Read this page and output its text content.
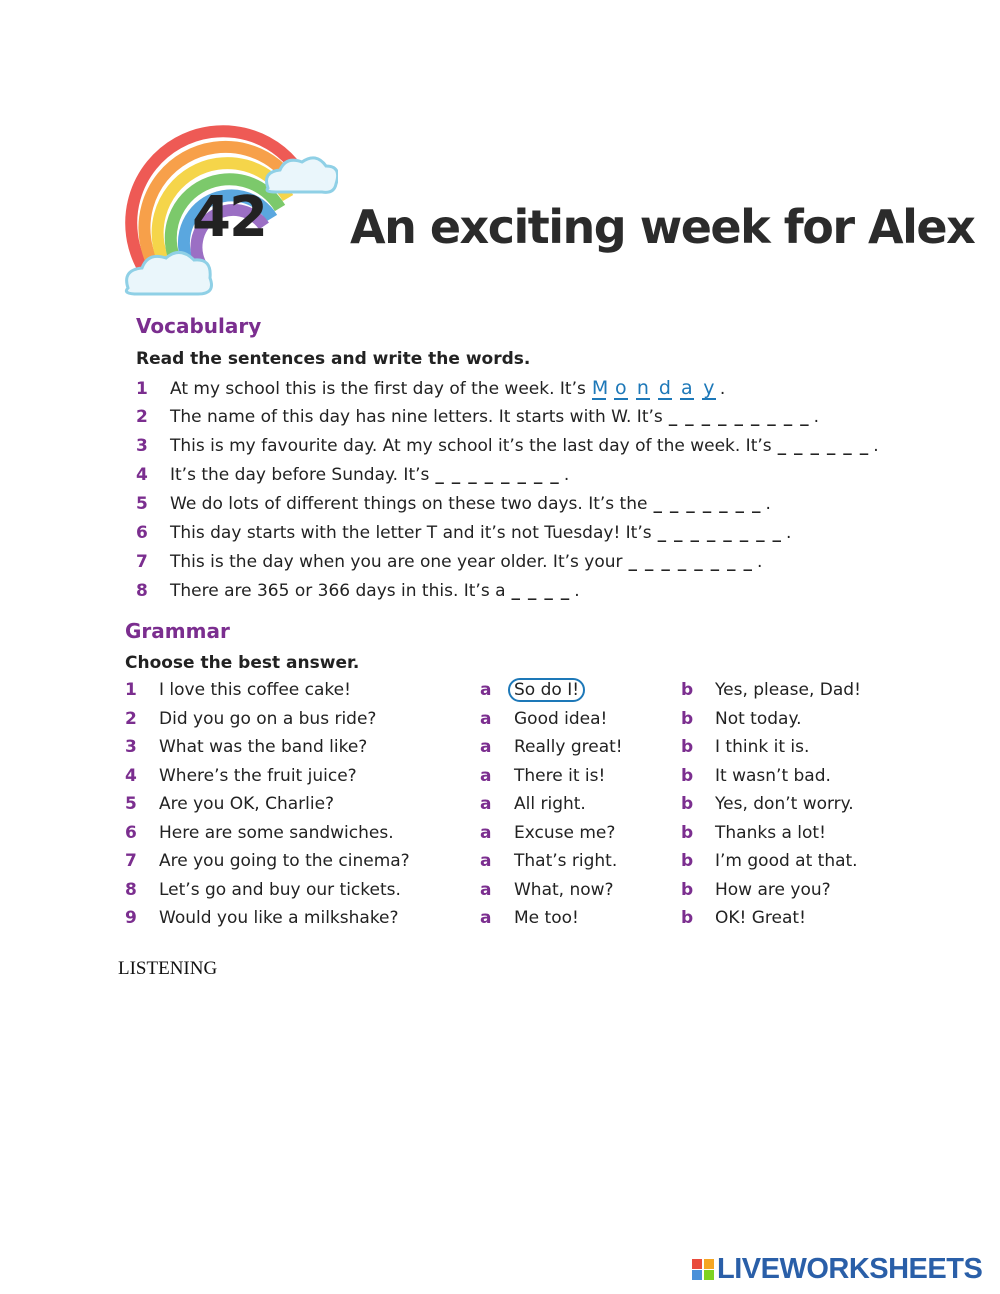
42 An exciting week for Alex
Vocabulary
Read the sentences and write the words.
1	At my school this is the first day of the week. It’s M o n d a y .
2	The name of this day has nine letters. It starts with W. It’s _ _ _ _ _ _ _ _ _ .
3	This is my favourite day. At my school it’s the last day of the week. It’s _ _ _ _ _ _ .
4	It’s the day before Sunday. It’s _ _ _ _ _ _ _ _ .
5	We do lots of different things on these two days. It’s the _ _ _ _ _ _ _ .
6	This day starts with the letter T and it’s not Tuesday! It’s _ _ _ _ _ _ _ _ .
7	This is the day when you are one year older. It’s your _ _ _ _ _ _ _ _ .
8	There are 365 or 366 days in this. It’s a _ _ _ _ .
Grammar
Choose the best answer.
1 I love this coffee cake!	a So do I!	b Yes, please, Dad!
2 Did you go on a bus ride?	a Good idea!	b Not today.
3 What was the band like?	a Really great!	b I think it is.
4 Where’s the fruit juice?	a There it is!	b It wasn’t bad.
5 Are you OK, Charlie?	a All right.	b Yes, don’t worry.
6 Here are some sandwiches.	a Excuse me?	b Thanks a lot!
7 Are you going to the cinema?	a That’s right.	b I’m good at that.
8 Let’s go and buy our tickets.	a What, now?	b How are you?
9 Would you like a milkshake?	a Me too!	b OK! Great!
LISTENING
LIVEWORKSHEETS
